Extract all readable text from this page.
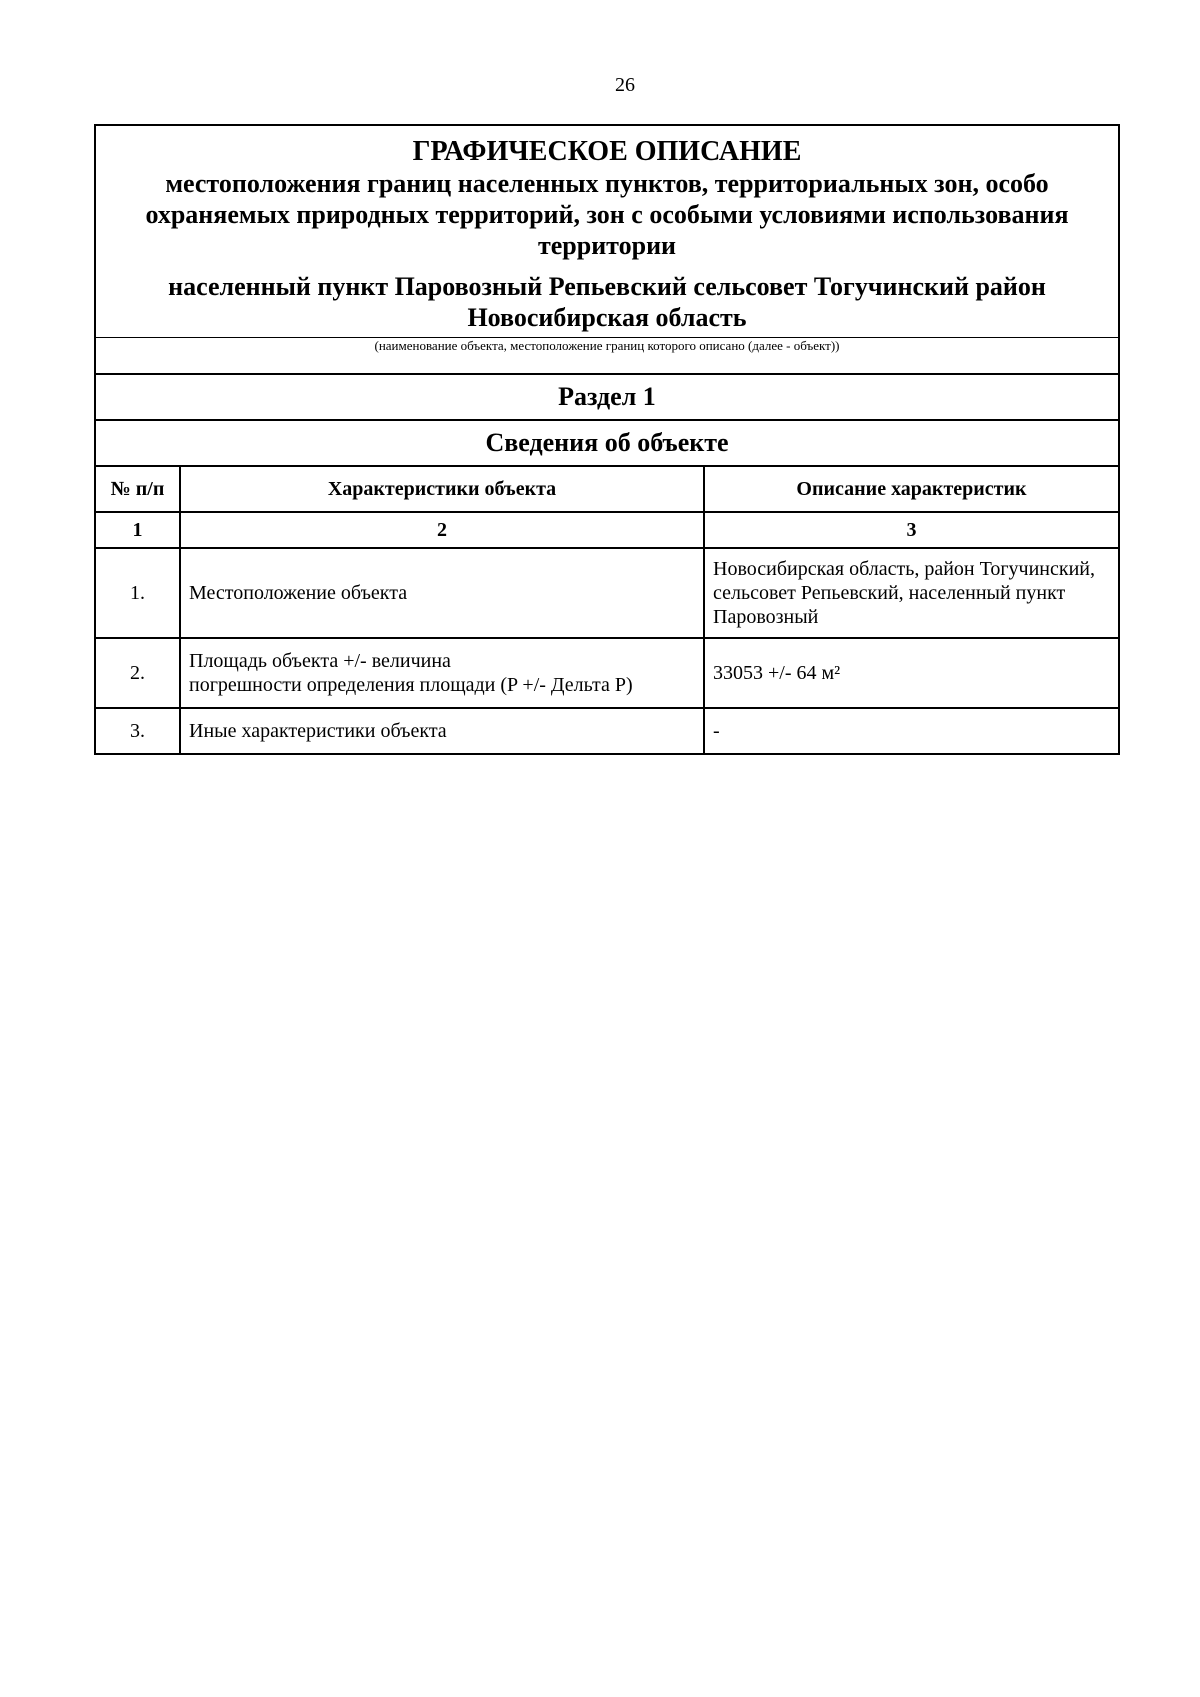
26
ГРАФИЧЕСКОЕ ОПИСАНИЕ
местоположения границ населенных пунктов, территориальных зон, особо охраняемых природных территорий, зон с особыми условиями использования территории
населенный пункт Паровозный Репьевский сельсовет Тогучинский район Новосибирская область
(наименование объекта, местоположение границ которого описано (далее - объект))
Раздел 1
Сведения об объекте
№ п/п	Характеристики объекта	Описание характеристик
1	2	3
1.	Местоположение объекта	Новосибирская область, район Тогучинский, сельсовет Репьевский, населенный пункт Паровозный
2.	Площадь объекта +/- величина
погрешности определения площади (P +/- Дельта P)	33053 +/- 64 м²
3.	Иные характеристики объекта	-
